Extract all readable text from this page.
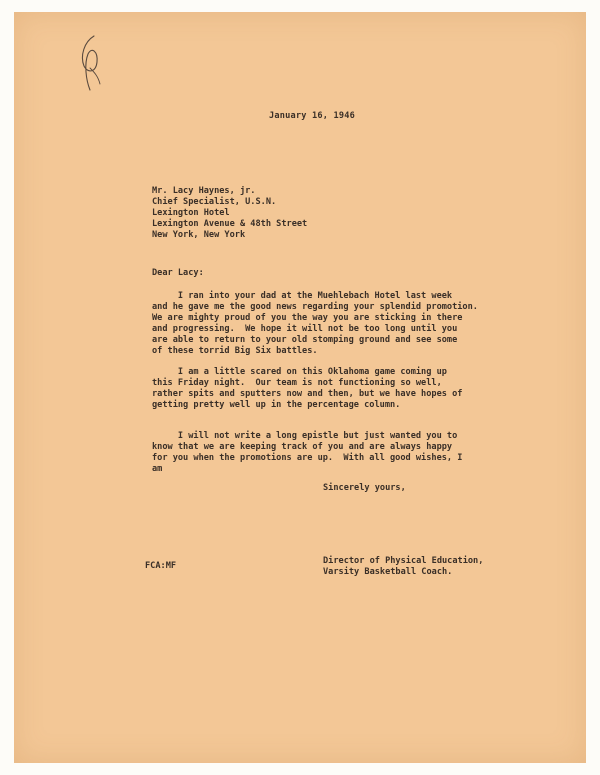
January 16, 1946
Mr. Lacy Haynes, jr.
Chief Specialist, U.S.N.
Lexington Hotel
Lexington Avenue & 48th Street
New York, New York
Dear Lacy:
I ran into your dad at the Muehlebach Hotel last week
and he gave me the good news regarding your splendid promotion.
We are mighty proud of you the way you are sticking in there
and progressing.  We hope it will not be too long until you
are able to return to your old stomping ground and see some
of these torrid Big Six battles.
I am a little scared on this Oklahoma game coming up
this Friday night.  Our team is not functioning so well,
rather spits and sputters now and then, but we have hopes of
getting pretty well up in the percentage column.
I will not write a long epistle but just wanted you to
know that we are keeping track of you and are always happy
for you when the promotions are up.  With all good wishes, I
am
Sincerely yours,
FCA:MF	Director of Physical Education,
Varsity Basketball Coach.
